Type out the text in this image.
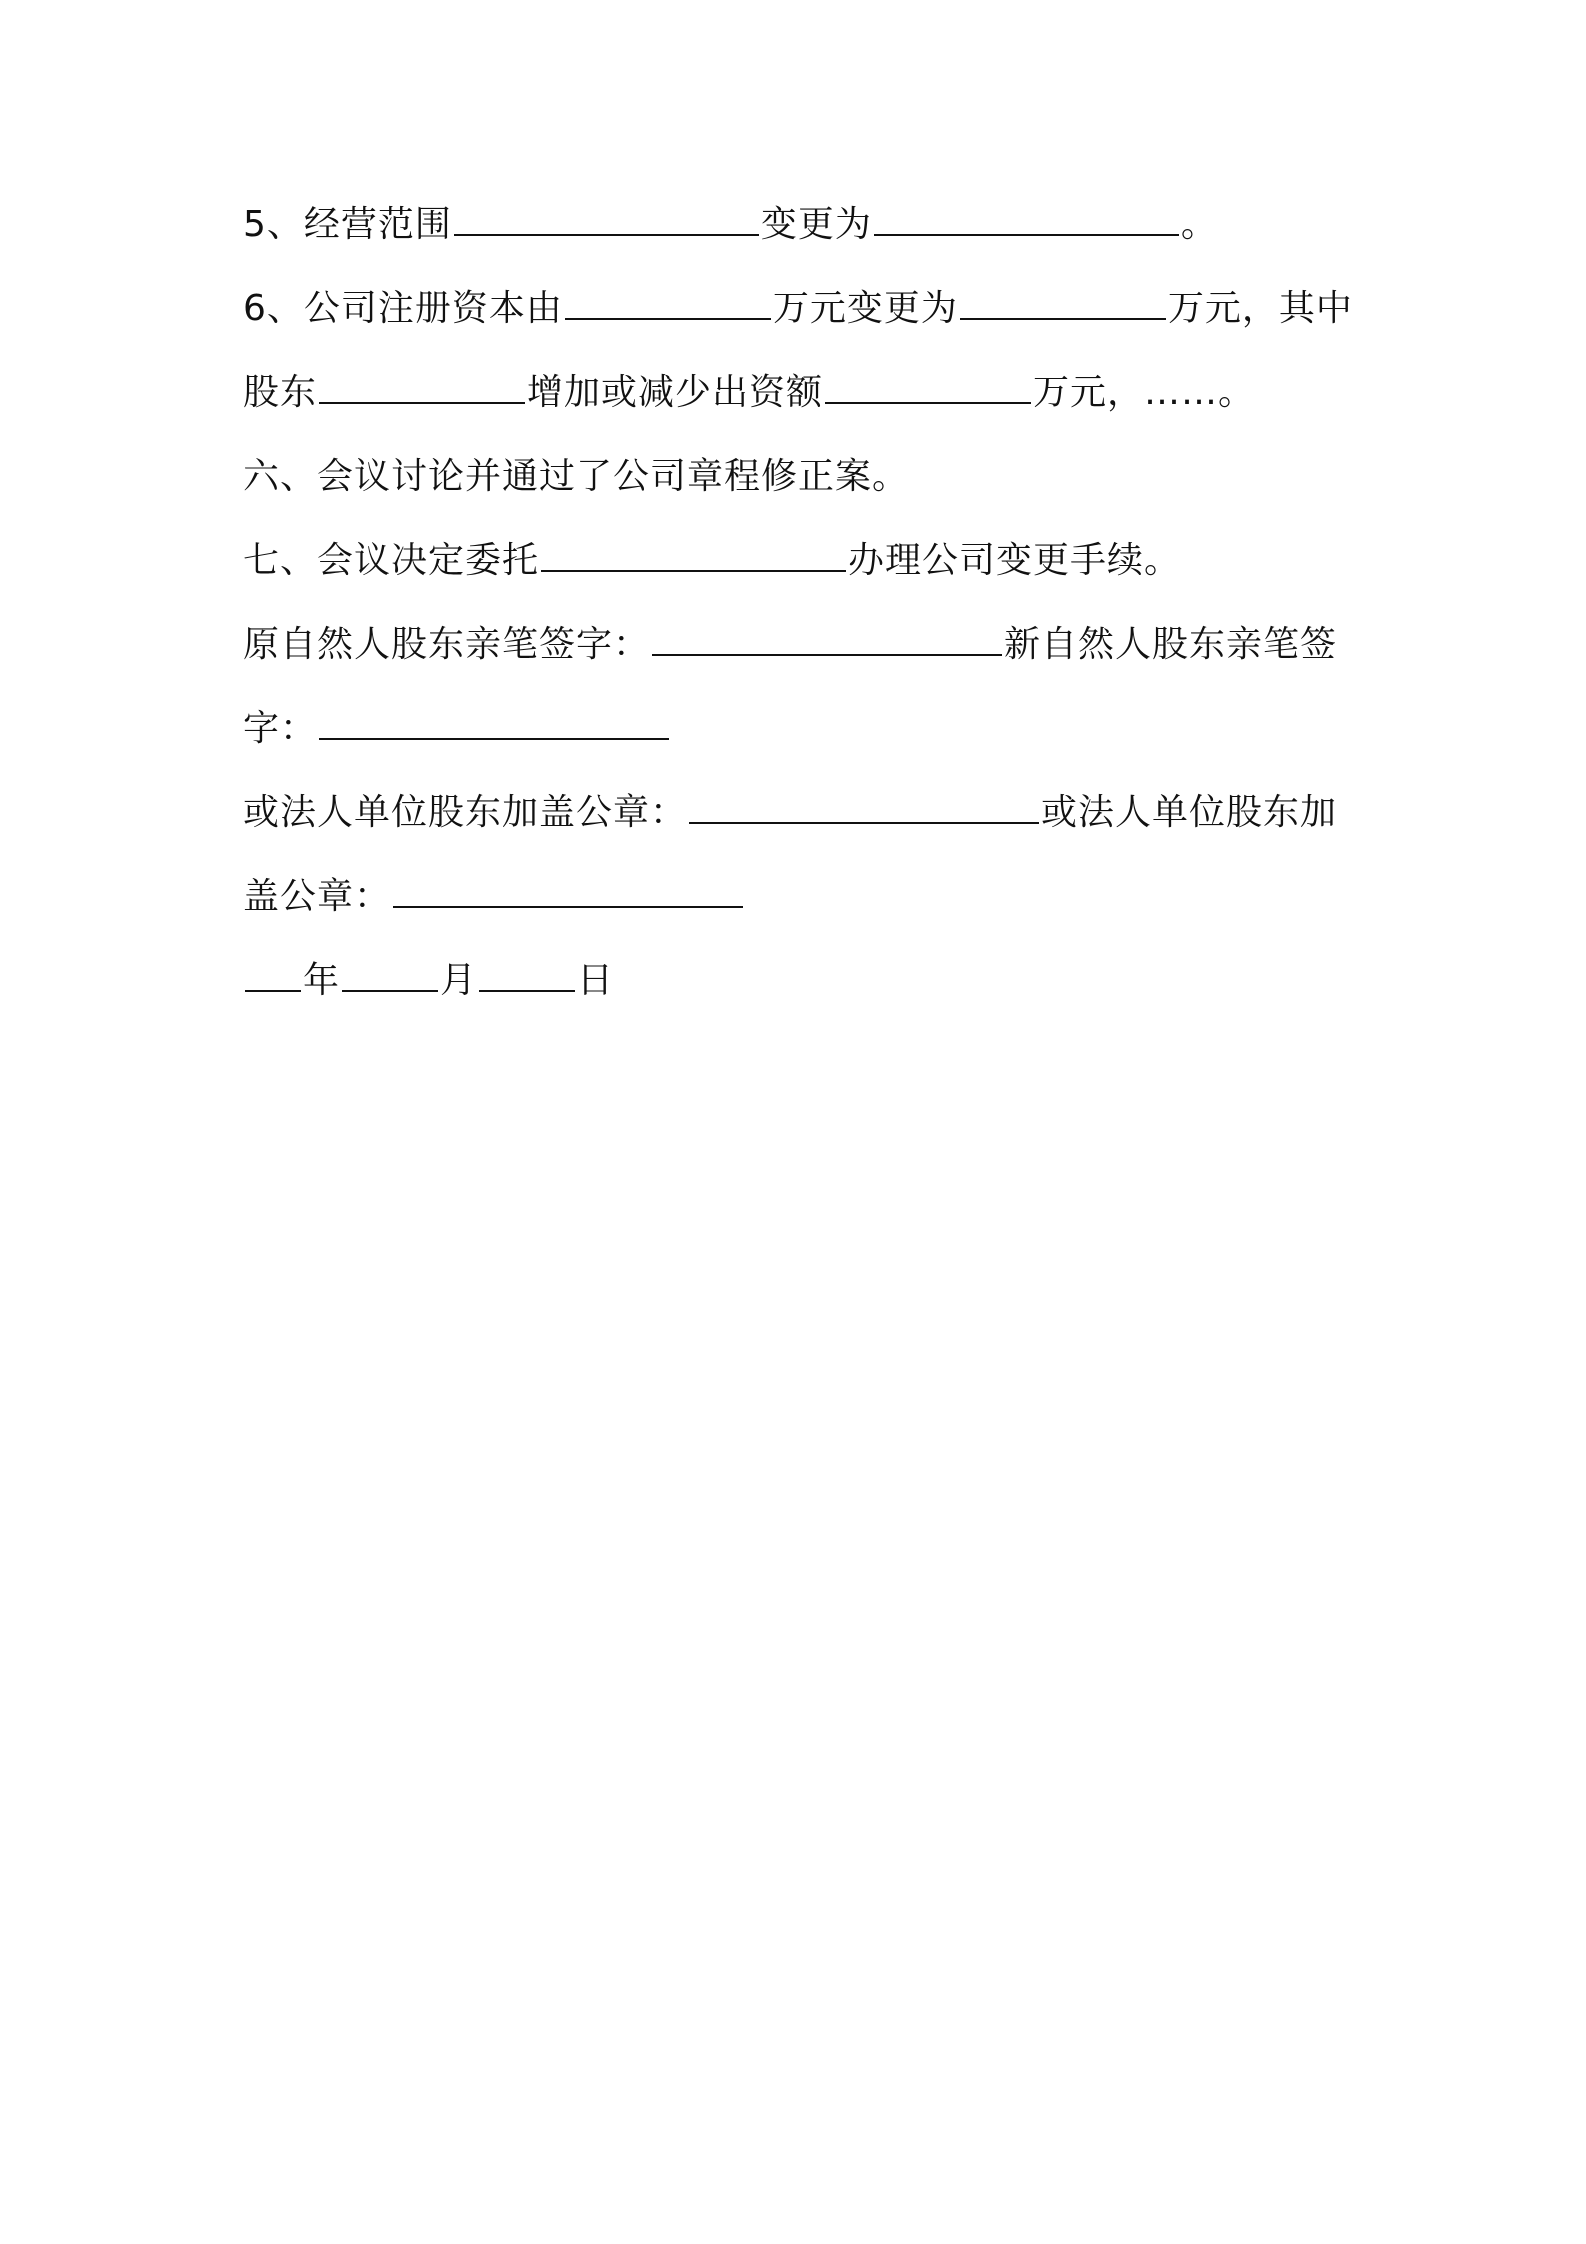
5、经营范围	变更为	。
6、公司注册资本由	万元变更为	万元，其中
股东	增加或减少出资额	万元，……。
六、会议讨论并通过了公司章程修正案。
七、会议决定委托	办理公司变更手续。
原自然人股东亲笔签字：	新自然人股东亲笔签
字：
或法人单位股东加盖公章：	或法人单位股东加
盖公章：
年	月	日
